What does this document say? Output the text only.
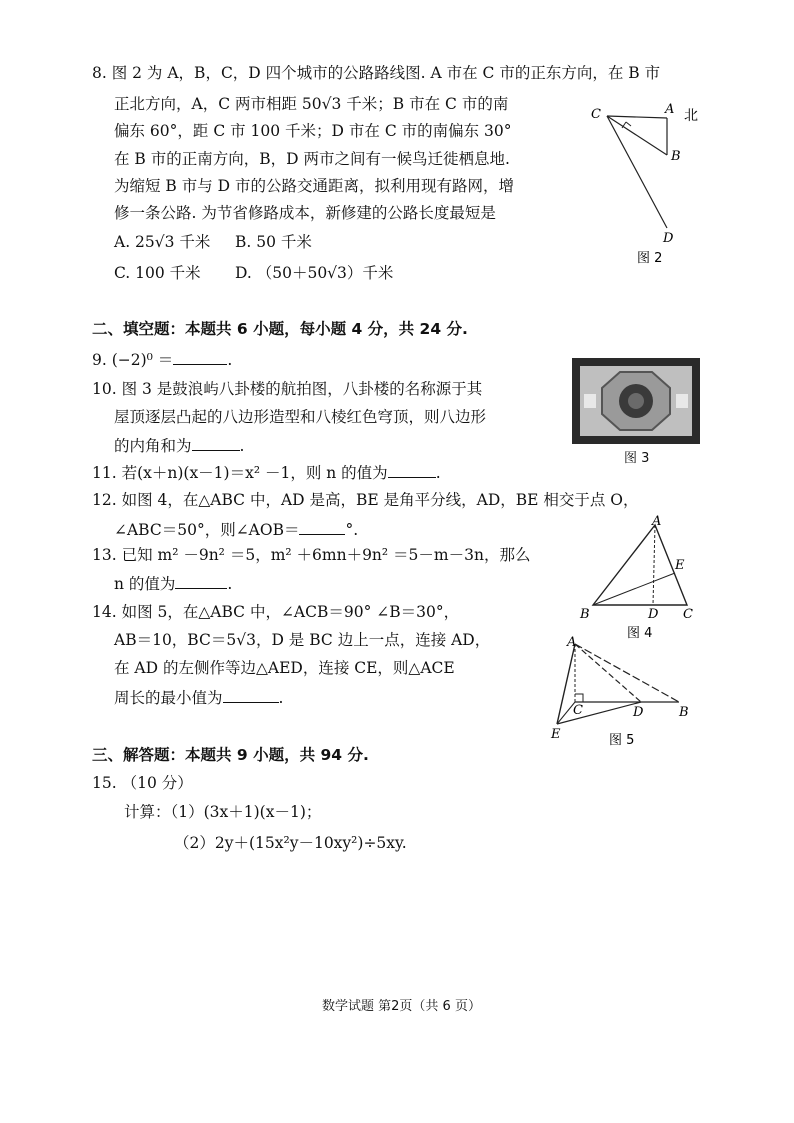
8. 图 2 为 A，B，C，D 四个城市的公路路线图. A 市在 C 市的正东方向，在 B 市
正北方向，A，C 两市相距 50√3 千米；B 市在 C 市的南
偏东 60°，距 C 市 100 千米；D 市在 C 市的南偏东 30°
在 B 市的正南方向，B，D 两市之间有一候鸟迁徙栖息地.
为缩短 B 市与 D 市的公路交通距离，拟利用现有路网，增
修一条公路. 为节省修路成本，新修建的公路长度最短是
A. 25√3 千米 B. 50 千米
C. 100 千米 D. （50＋50√3）千米
C	A
B
D
北
图 2
二、填空题：本题共 6 小题，每小题 4 分，共 24 分.
9. (−2)⁰ ＝	.
10. 图 3 是鼓浪屿八卦楼的航拍图，八卦楼的名称源于其
屋顶逐层凸起的八边形造型和八棱红色穹顶，则八边形
的内角和为	.
图 3
11. 若(x＋n)(x－1)＝x² －1，则 n 的值为	.
12. 如图 4，在△ABC 中，AD 是高，BE 是角平分线，AD，BE 相交于点 O，
∠ABC＝50°，则∠AOB＝	°.
13. 已知 m² －9n² ＝5，m² ＋6mn＋9n² ＝5－m－3n，那么
n 的值为	.
14. 如图 5，在△ABC 中，∠ACB＝90° ∠B＝30°，
AB＝10，BC＝5√3，D 是 BC 边上一点，连接 AD，
在 AD 的左侧作等边△AED，连接 CE，则△ACE
周长的最小值为	.
A
E
B	D C
图 4
A
C	D	B
E	图 5
三、解答题：本题共 9 小题，共 94 分.
15. （10 分）
计算：（1）(3x＋1)(x－1)；
（2）2y＋(15x²y－10xy²)÷5xy.
数学试题 第2页（共 6 页）
